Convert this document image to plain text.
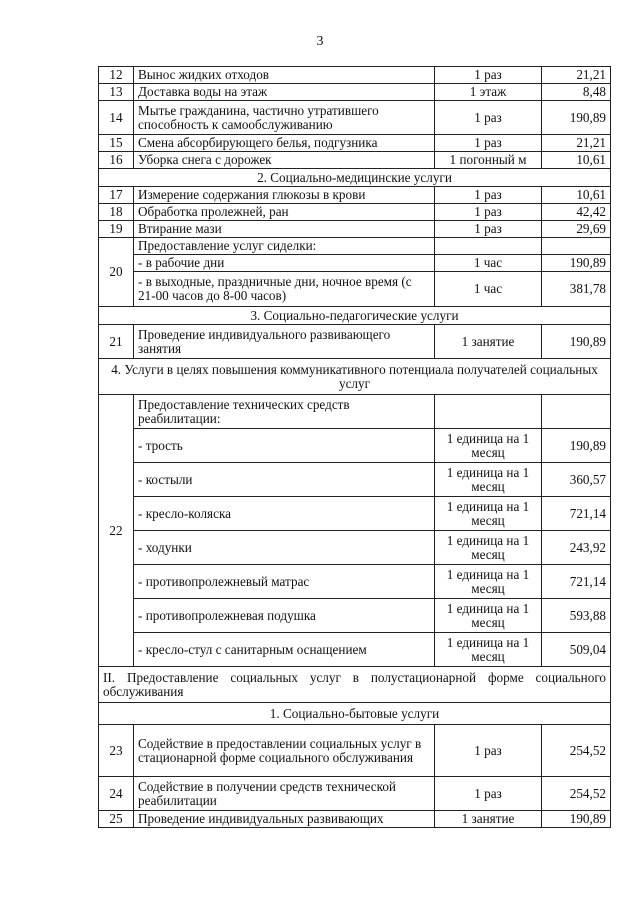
3
12	Вынос жидких отходов	1 раз	21,21
13	Доставка воды на этаж	1 этаж	8,48
14	Мытье гражданина, частично утратившего способность к самообслуживанию	1 раз	190,89
15	Смена абсорбирующего белья, подгузника	1 раз	21,21
16	Уборка снега с дорожек	1 погонный м	10,61
2. Социально-медицинские услуги			
17	Измерение содержания глюкозы в крови	1 раз	10,61
18	Обработка пролежней, ран	1 раз	42,42
19	Втирание мази	1 раз	29,69
20	Предоставление услуг сиделки:		
	- в рабочие дни	1 час	190,89
	- в выходные, праздничные дни, ночное время (с 21-00 часов до 8-00 часов)	1 час	381,78
3. Социально-педагогические услуги			
21	Проведение индивидуального развивающего занятия	1 занятие	190,89
4. Услуги в целях повышения коммуникативного потенциала получателей социальных услуг			
22	Предоставление технических средств реабилитации:		
	- трость	1 единица на 1 месяц	190,89
	- костыли	1 единица на 1 месяц	360,57
	- кресло-коляска	1 единица на 1 месяц	721,14
	- ходунки	1 единица на 1 месяц	243,92
	- противопролежневый матрас	1 единица на 1 месяц	721,14
	- противопролежневая подушка	1 единица на 1 месяц	593,88
	- кресло-стул с санитарным оснащением	1 единица на 1 месяц	509,04
II. Предоставление социальных услуг в полустационарной форме социального обслуживания			
1. Социально-бытовые услуги			
23	Содействие в предоставлении социальных услуг в стационарной форме социального обслуживания	1 раз	254,52
24	Содействие в получении средств технической реабилитации	1 раз	254,52
25	Проведение индивидуальных развивающих	1 занятие	190,89
